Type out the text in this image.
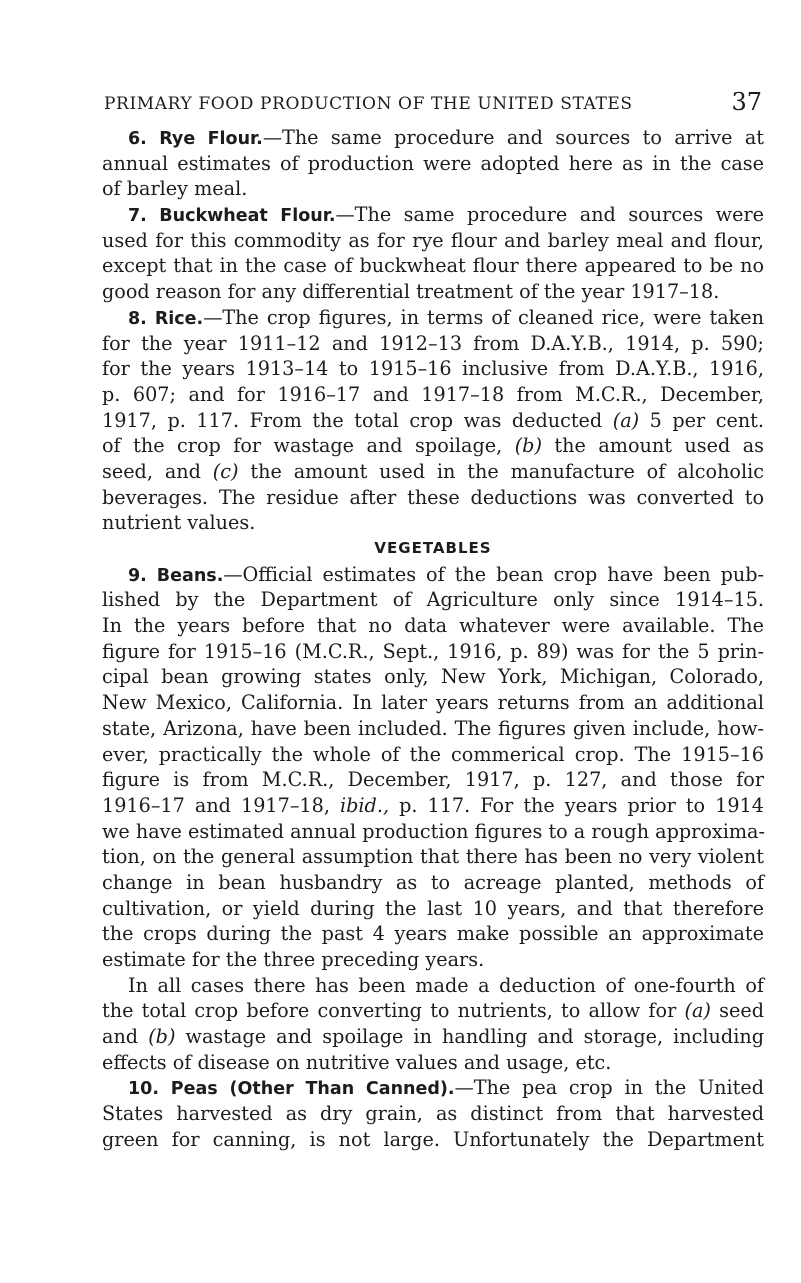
PRIMARY FOOD PRODUCTION OF THE UNITED STATES	37
6. Rye Flour.—The same procedure and sources to arrive at
annual estimates of production were adopted here as in the case
of barley meal.
7. Buckwheat Flour.—The same procedure and sources were
used for this commodity as for rye flour and barley meal and flour,
except that in the case of buckwheat flour there appeared to be no
good reason for any differential treatment of the year 1917–18.
8. Rice.—The crop figures, in terms of cleaned rice, were taken
for the year 1911–12 and 1912–13 from D.A.Y.B., 1914, p. 590;
for the years 1913–14 to 1915–16 inclusive from D.A.Y.B., 1916,
p. 607; and for 1916–17 and 1917–18 from M.C.R., December,
1917, p. 117. From the total crop was deducted (a) 5 per cent.
of the crop for wastage and spoilage, (b) the amount used as
seed, and (c) the amount used in the manufacture of alcoholic
beverages. The residue after these deductions was converted to
nutrient values.
VEGETABLES
9. Beans.—Official estimates of the bean crop have been pub-
lished by the Department of Agriculture only since 1914–15.
In the years before that no data whatever were available. The
figure for 1915–16 (M.C.R., Sept., 1916, p. 89) was for the 5 prin-
cipal bean growing states only, New York, Michigan, Colorado,
New Mexico, California. In later years returns from an additional
state, Arizona, have been included. The figures given include, how-
ever, practically the whole of the commerical crop. The 1915–16
figure is from M.C.R., December, 1917, p. 127, and those for
1916–17 and 1917–18, ibid., p. 117. For the years prior to 1914
we have estimated annual production figures to a rough approxima-
tion, on the general assumption that there has been no very violent
change in bean husbandry as to acreage planted, methods of
cultivation, or yield during the last 10 years, and that therefore
the crops during the past 4 years make possible an approximate
estimate for the three preceding years.
In all cases there has been made a deduction of one-fourth of
the total crop before converting to nutrients, to allow for (a) seed
and (b) wastage and spoilage in handling and storage, including
effects of disease on nutritive values and usage, etc.
10. Peas (Other Than Canned).—The pea crop in the United
States harvested as dry grain, as distinct from that harvested
green for canning, is not large. Unfortunately the Department
